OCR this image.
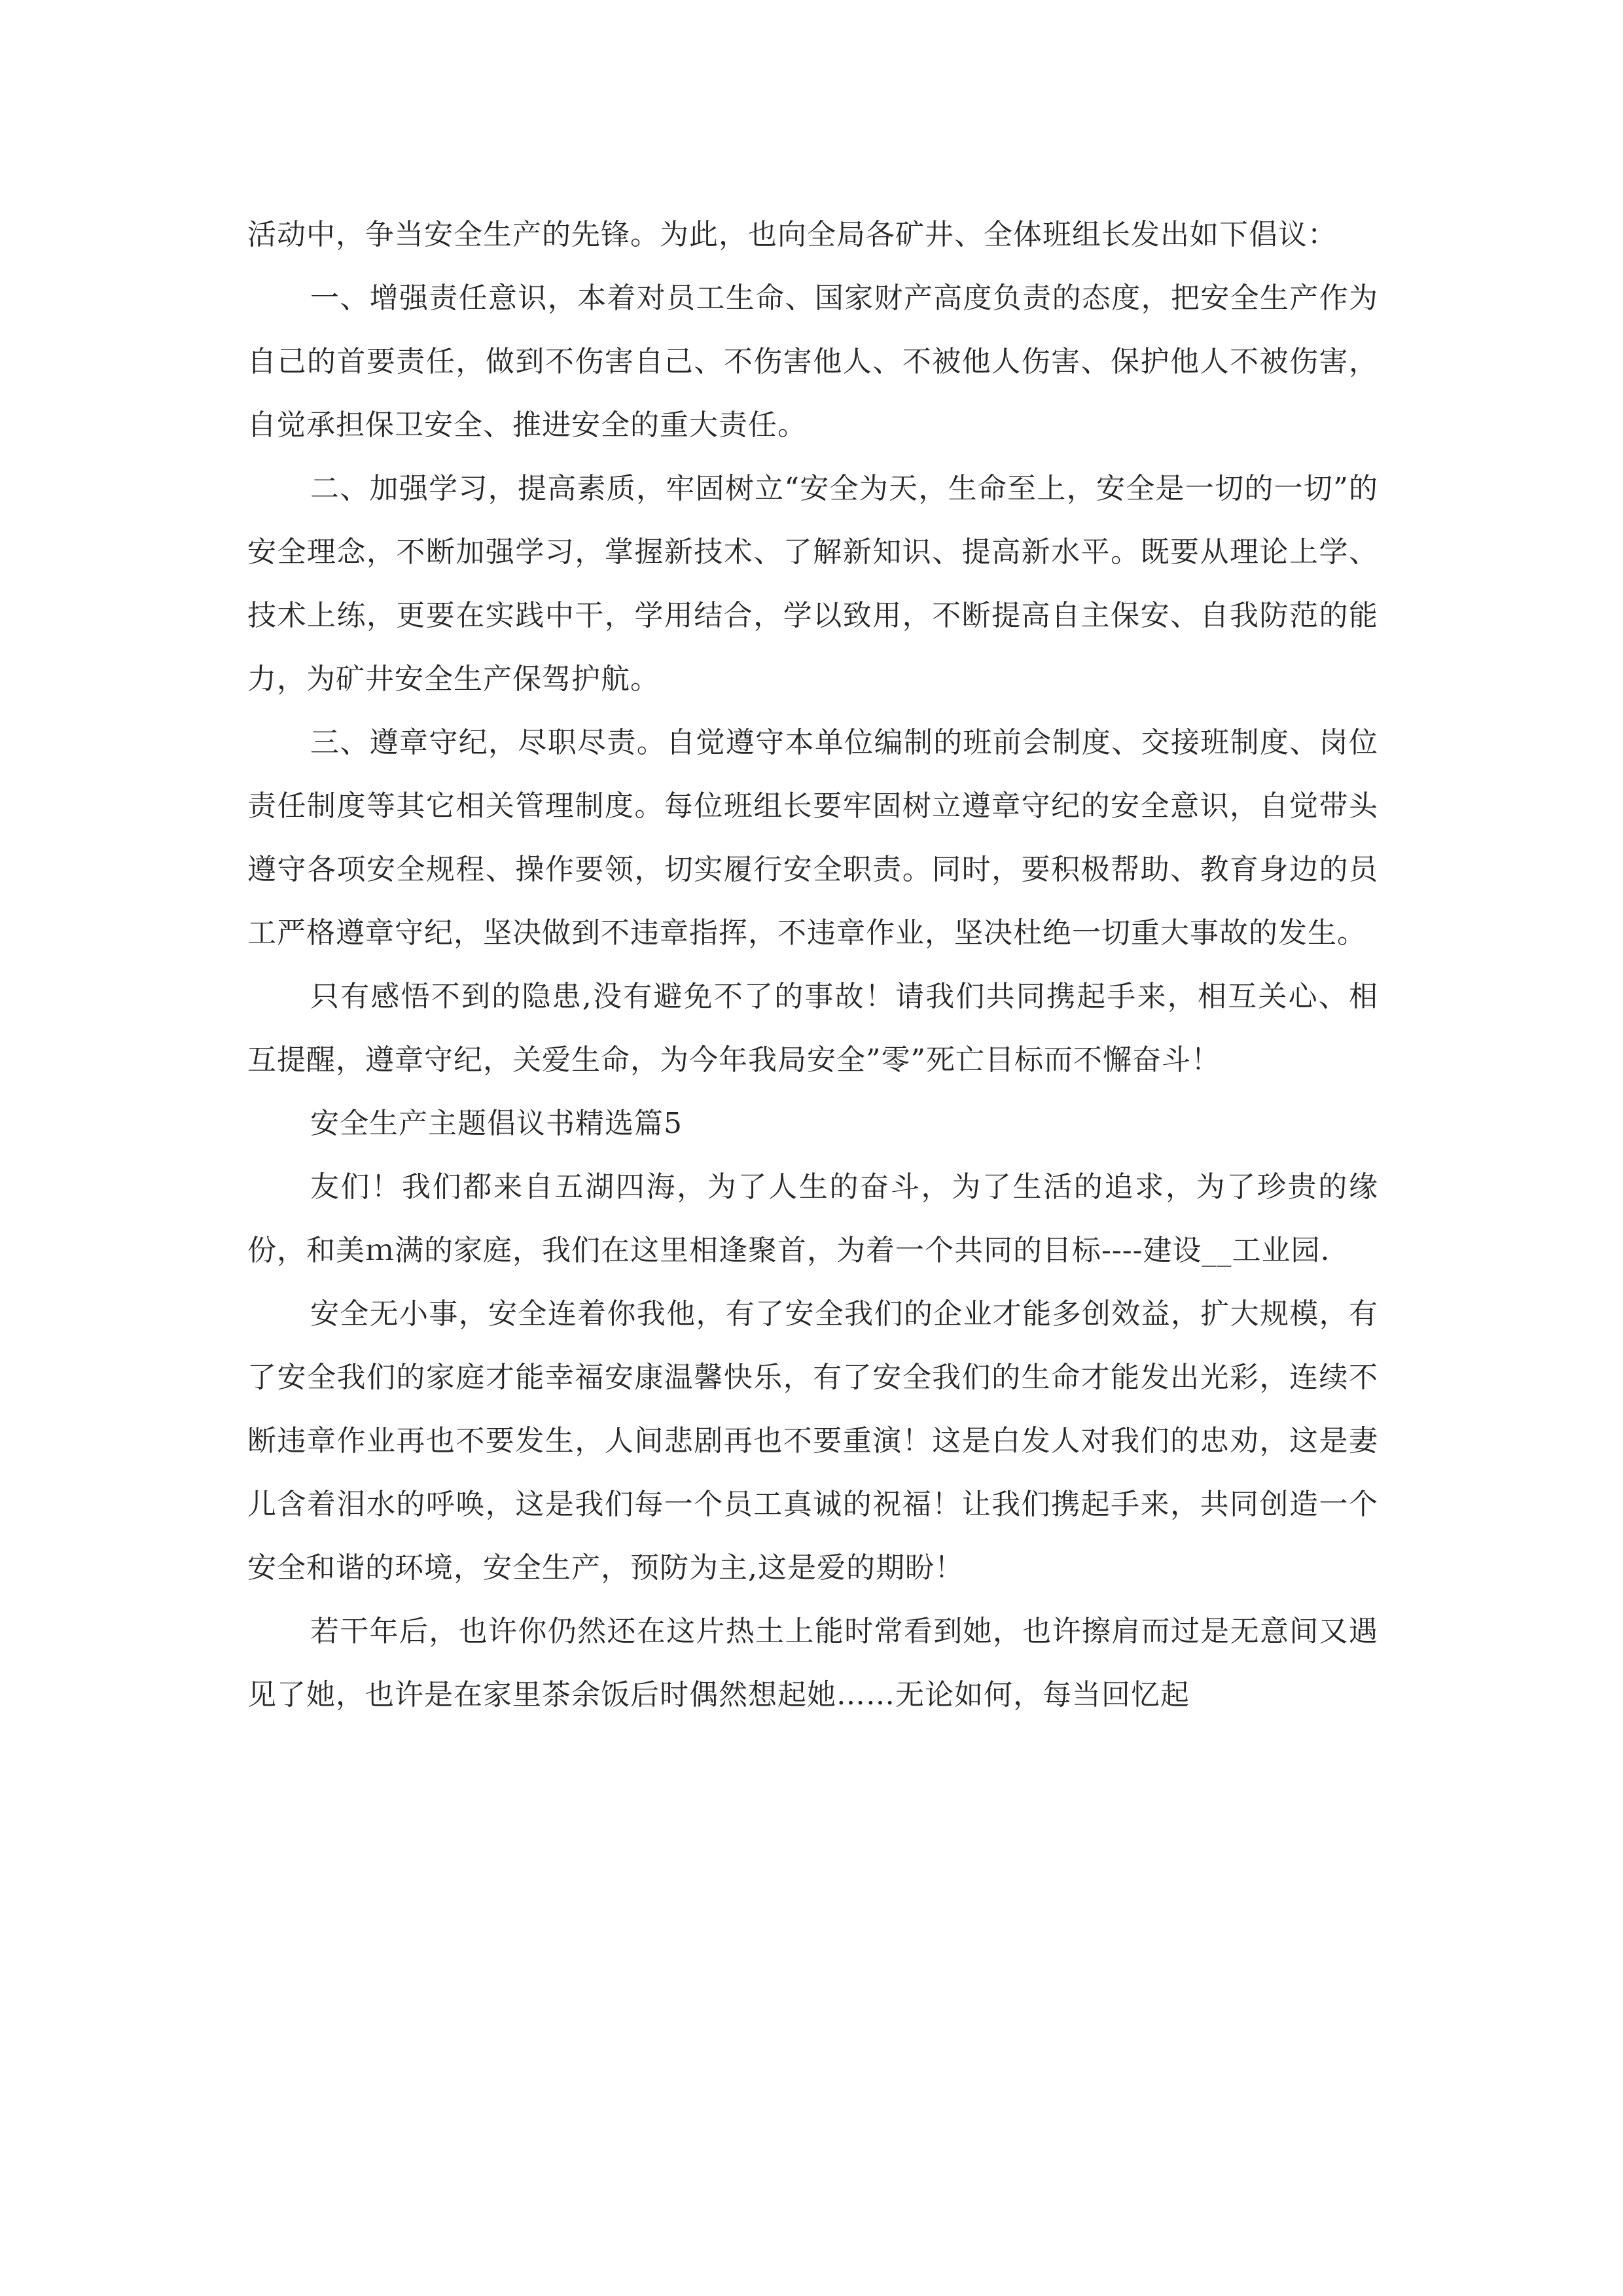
活动中，争当安全生产的先锋。为此，也向全局各矿井、全体班组长发出如下倡议：

一、增强责任意识，本着对员工生命、国家财产高度负责的态度，把安全生产作为自己的首要责任，做到不伤害自己、不伤害他人、不被他人伤害、保护他人不被伤害，自觉承担保卫安全、推进安全的重大责任。

二、加强学习，提高素质，牢固树立“安全为天，生命至上，安全是一切的一切”的安全理念，不断加强学习，掌握新技术、了解新知识、提高新水平。既要从理论上学、技术上练，更要在实践中干，学用结合，学以致用，不断提高自主保安、自我防范的能力，为矿井安全生产保驾护航。

三、遵章守纪，尽职尽责。自觉遵守本单位编制的班前会制度、交接班制度、岗位责任制度等其它相关管理制度。每位班组长要牢固树立遵章守纪的安全意识，自觉带头遵守各项安全规程、操作要领，切实履行安全职责。同时，要积极帮助、教育身边的员工严格遵章守纪，坚决做到不违章指挥，不违章作业，坚决杜绝一切重大事故的发生。

只有感悟不到的隐患,没有避免不了的事故！请我们共同携起手来，相互关心、相互提醒，遵章守纪，关爱生命，为今年我局安全”零”死亡目标而不懈奋斗！

安全生产主题倡议书精选篇5

友们！我们都来自五湖四海，为了人生的奋斗，为了生活的追求，为了珍贵的缘份，和美ｍ满的家庭，我们在这里相逢聚首，为着一个共同的目标----建设__工业园.

安全无小事，安全连着你我他，有了安全我们的企业才能多创效益，扩大规模，有了安全我们的家庭才能幸福安康温馨快乐，有了安全我们的生命才能发出光彩，连续不断违章作业再也不要发生，人间悲剧再也不要重演！这是白发人对我们的忠劝，这是妻儿含着泪水的呼唤，这是我们每一个员工真诚的祝福！让我们携起手来，共同创造一个安全和谐的环境，安全生产，预防为主,这是爱的期盼！

若干年后，也许你仍然还在这片热土上能时常看到她，也许擦肩而过是无意间又遇见了她，也许是在家里茶余饭后时偶然想起她……无论如何，每当回忆起
